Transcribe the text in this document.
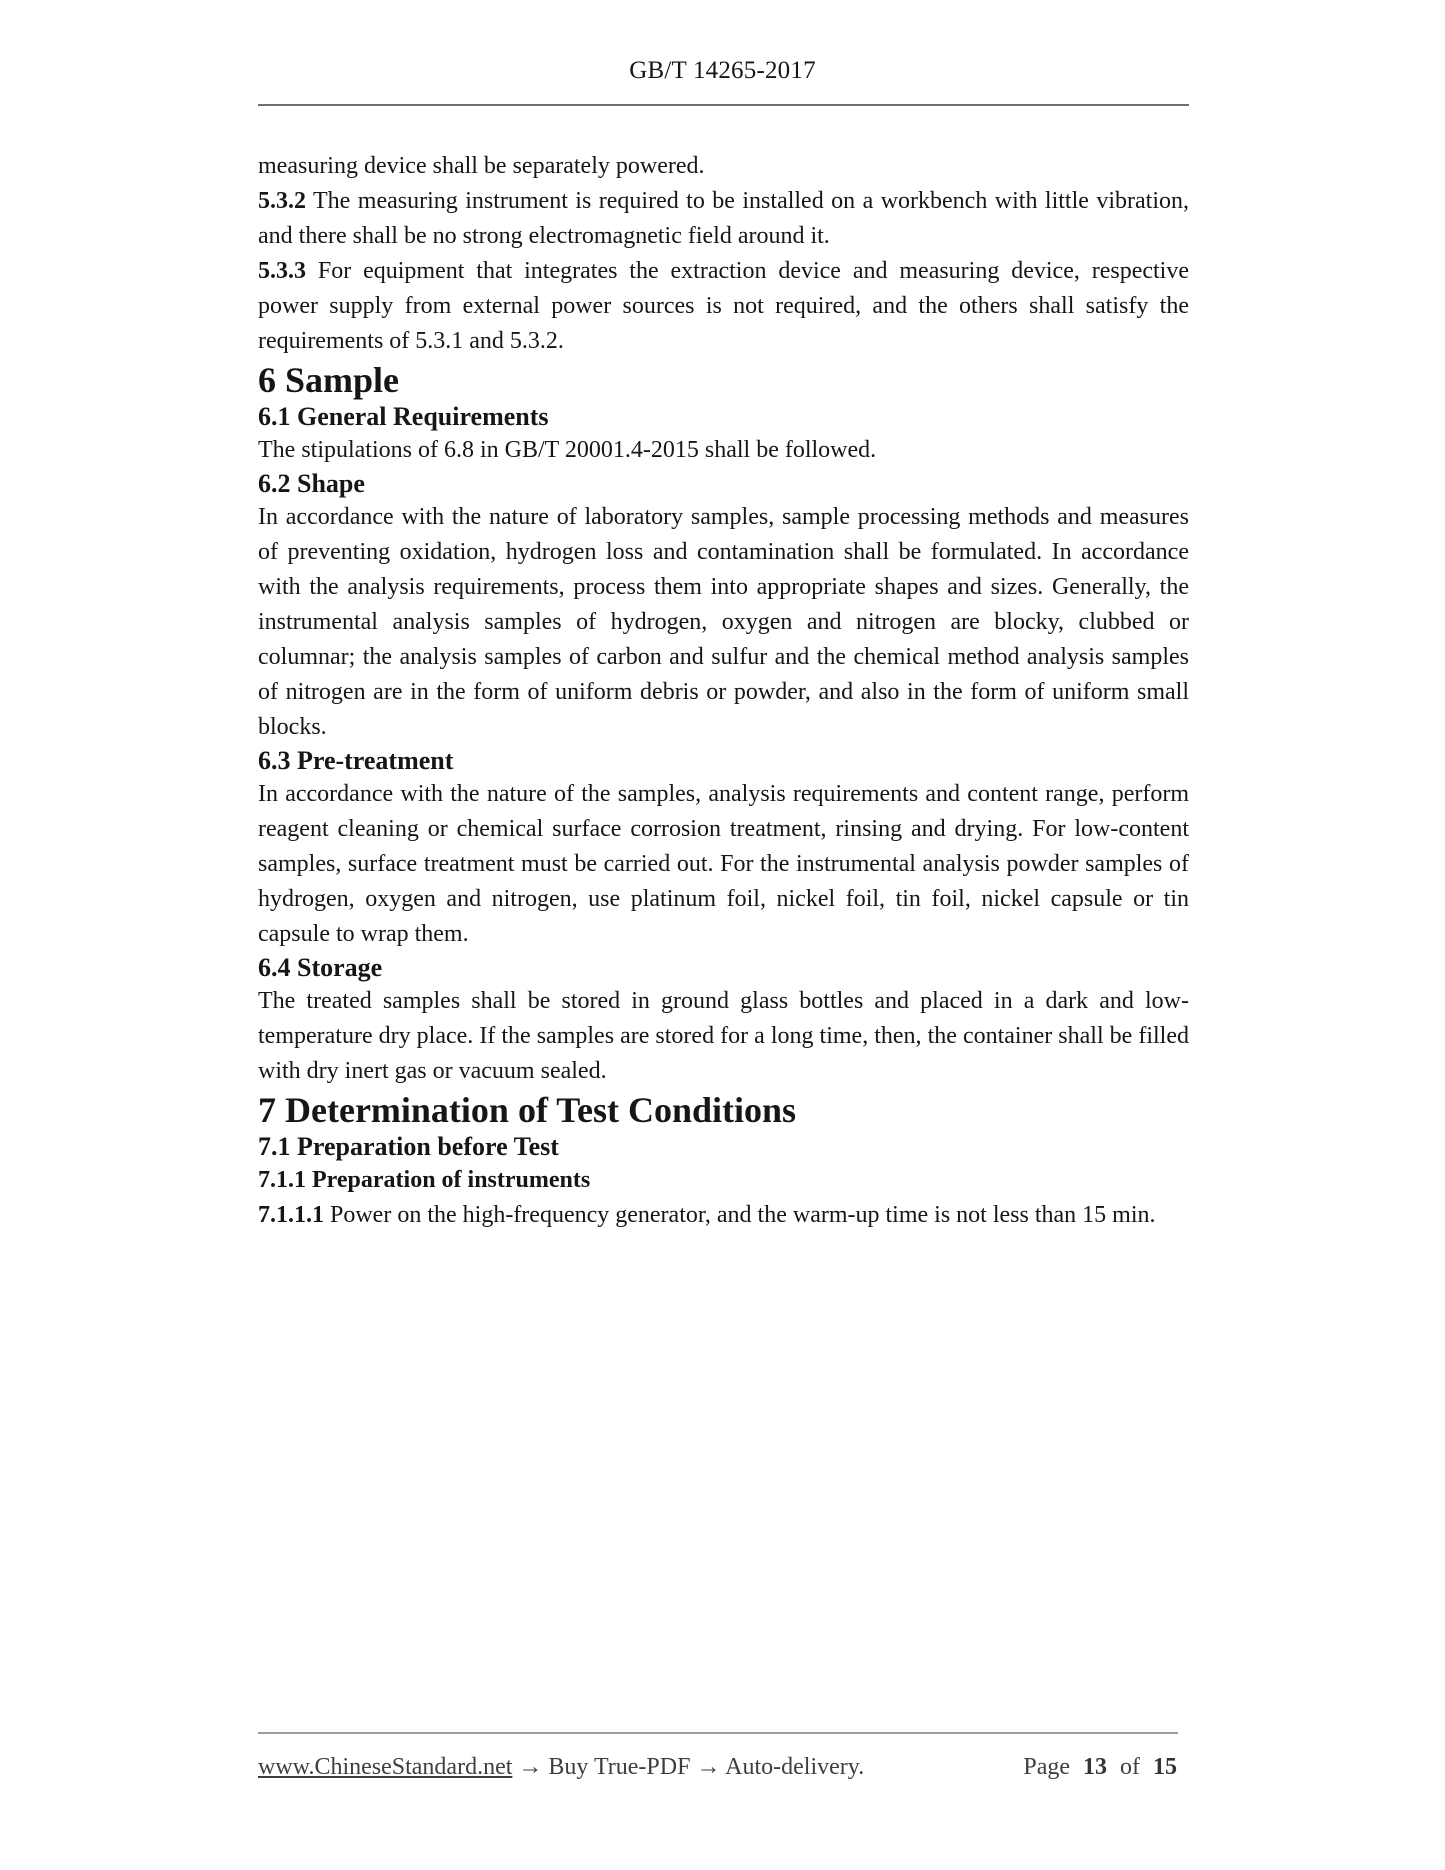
GB/T 14265-2017

measuring device shall be separately powered.

5.3.2 The measuring instrument is required to be installed on a workbench with little vibration, and there shall be no strong electromagnetic field around it.

5.3.3 For equipment that integrates the extraction device and measuring device, respective power supply from external power sources is not required, and the others shall satisfy the requirements of 5.3.1 and 5.3.2.

6 Sample
6.1 General Requirements

The stipulations of 6.8 in GB/T 20001.4-2015 shall be followed.

6.2 Shape

In accordance with the nature of laboratory samples, sample processing methods and measures of preventing oxidation, hydrogen loss and contamination shall be formulated. In accordance with the analysis requirements, process them into appropriate shapes and sizes. Generally, the instrumental analysis samples of hydrogen, oxygen and nitrogen are blocky, clubbed or columnar; the analysis samples of carbon and sulfur and the chemical method analysis samples of nitrogen are in the form of uniform debris or powder, and also in the form of uniform small blocks.

6.3 Pre-treatment

In accordance with the nature of the samples, analysis requirements and content range, perform reagent cleaning or chemical surface corrosion treatment, rinsing and drying. For low-content samples, surface treatment must be carried out. For the instrumental analysis powder samples of hydrogen, oxygen and nitrogen, use platinum foil, nickel foil, tin foil, nickel capsule or tin capsule to wrap them.

6.4 Storage

The treated samples shall be stored in ground glass bottles and placed in a dark and low-temperature dry place. If the samples are stored for a long time, then, the container shall be filled with dry inert gas or vacuum sealed.

7 Determination of Test Conditions
7.1 Preparation before Test
7.1.1 Preparation of instruments

7.1.1.1 Power on the high-frequency generator, and the warm-up time is not less than 15 min.

www.ChineseStandard.net → Buy True-PDF → Auto-delivery.	Page 13 of 15
